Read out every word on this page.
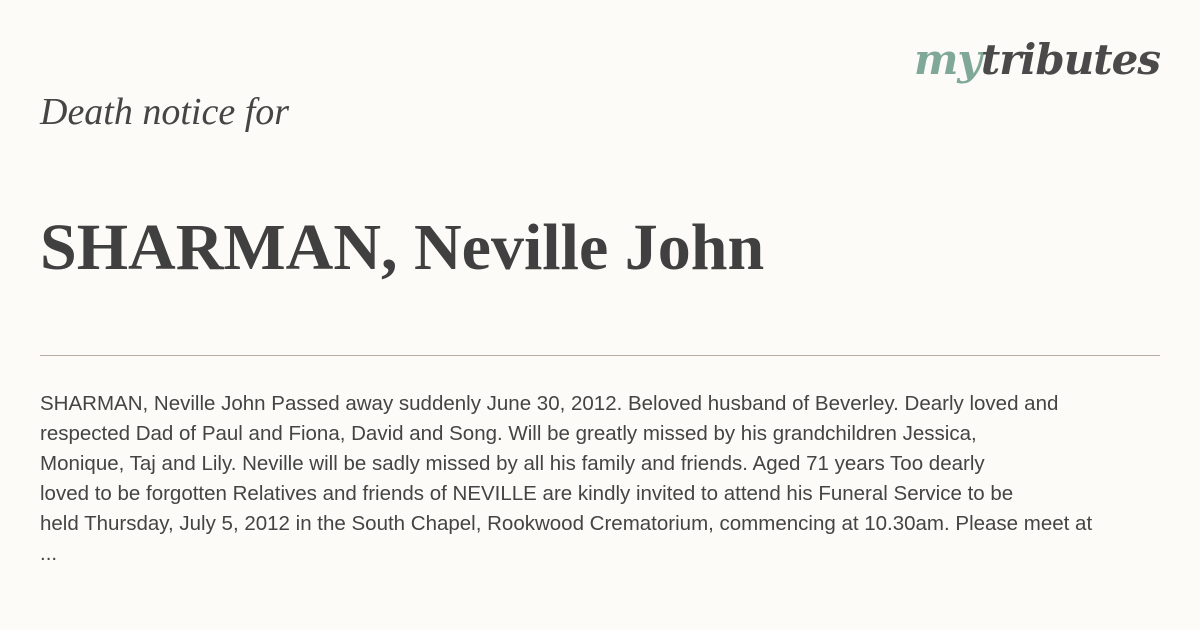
mytributes
Death notice for
SHARMAN, Neville John

SHARMAN, Neville John Passed away suddenly June 30, 2012. Beloved husband of Beverley. Dearly loved and
respected Dad of Paul and Fiona, David and Song. Will be greatly missed by his grandchildren Jessica,
Monique, Taj and Lily. Neville will be sadly missed by all his family and friends. Aged 71 years Too dearly
loved to be forgotten Relatives and friends of NEVILLE are kindly invited to attend his Funeral Service to be
held Thursday, July 5, 2012 in the South Chapel, Rookwood Crematorium, commencing at 10.30am. Please meet at
...
